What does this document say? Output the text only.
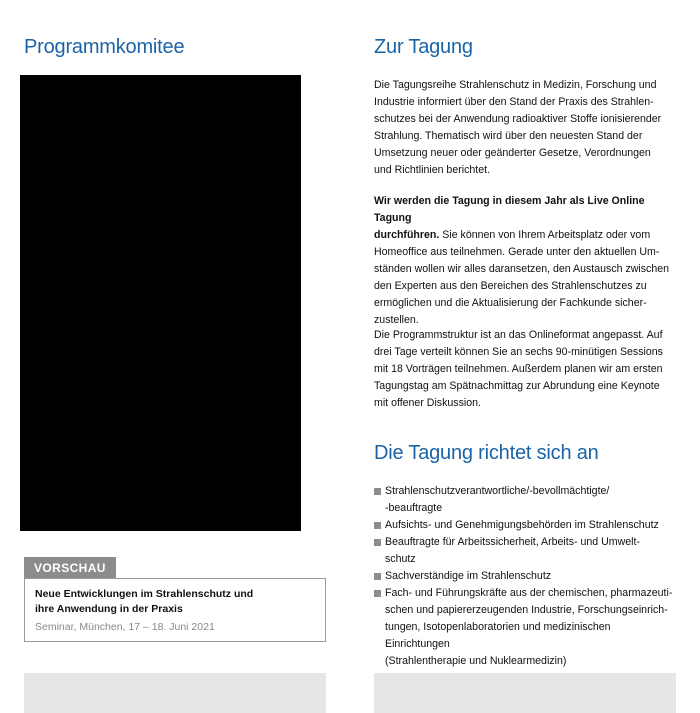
Programmkomitee
VORSCHAU
Neue Entwicklungen im Strahlenschutz und
ihre Anwendung in der Praxis
Seminar, München, 17 – 18. Juni 2021
Zur Tagung
Die Tagungsreihe Strahlenschutz in Medizin, Forschung und
Industrie informiert über den Stand der Praxis des Strahlen-
schutzes bei der Anwendung radioaktiver Stoffe ionisierender
Strahlung. Thematisch wird über den neuesten Stand der
Umsetzung neuer oder geänderter Gesetze, Verordnungen
und Richtlinien berichtet.
Wir werden die Tagung in diesem Jahr als Live Online Tagung
durchführen. Sie können von Ihrem Arbeitsplatz oder vom
Homeoffice aus teilnehmen. Gerade unter den aktuellen Um-
ständen wollen wir alles daransetzen, den Austausch zwischen
den Experten aus den Bereichen des Strahlenschutzes zu
ermöglichen und die Aktualisierung der Fachkunde sicher-
zustellen.
Die Programmstruktur ist an das Onlineformat angepasst. Auf
drei Tage verteilt können Sie an sechs 90-minütigen Sessions
mit 18 Vorträgen teilnehmen. Außerdem planen wir am ersten
Tagungstag am Spätnachmittag zur Abrundung eine Keynote
mit offener Diskussion.
Die Tagung richtet sich an
Strahlenschutzverantwortliche/-bevollmächtigte/
-beauftragte
Aufsichts- und Genehmigungsbehörden im Strahlenschutz
Beauftragte für Arbeitssicherheit, Arbeits- und Umwelt-
schutz
Sachverständige im Strahlenschutz
Fach- und Führungskräfte aus der chemischen, pharmazeuti-
schen und papiererzeugenden Industrie, Forschungseinrich-
tungen, Isotopenlaboratorien und medizinischen Einrichtungen
(Strahlentherapie und Nuklearmedizin)
